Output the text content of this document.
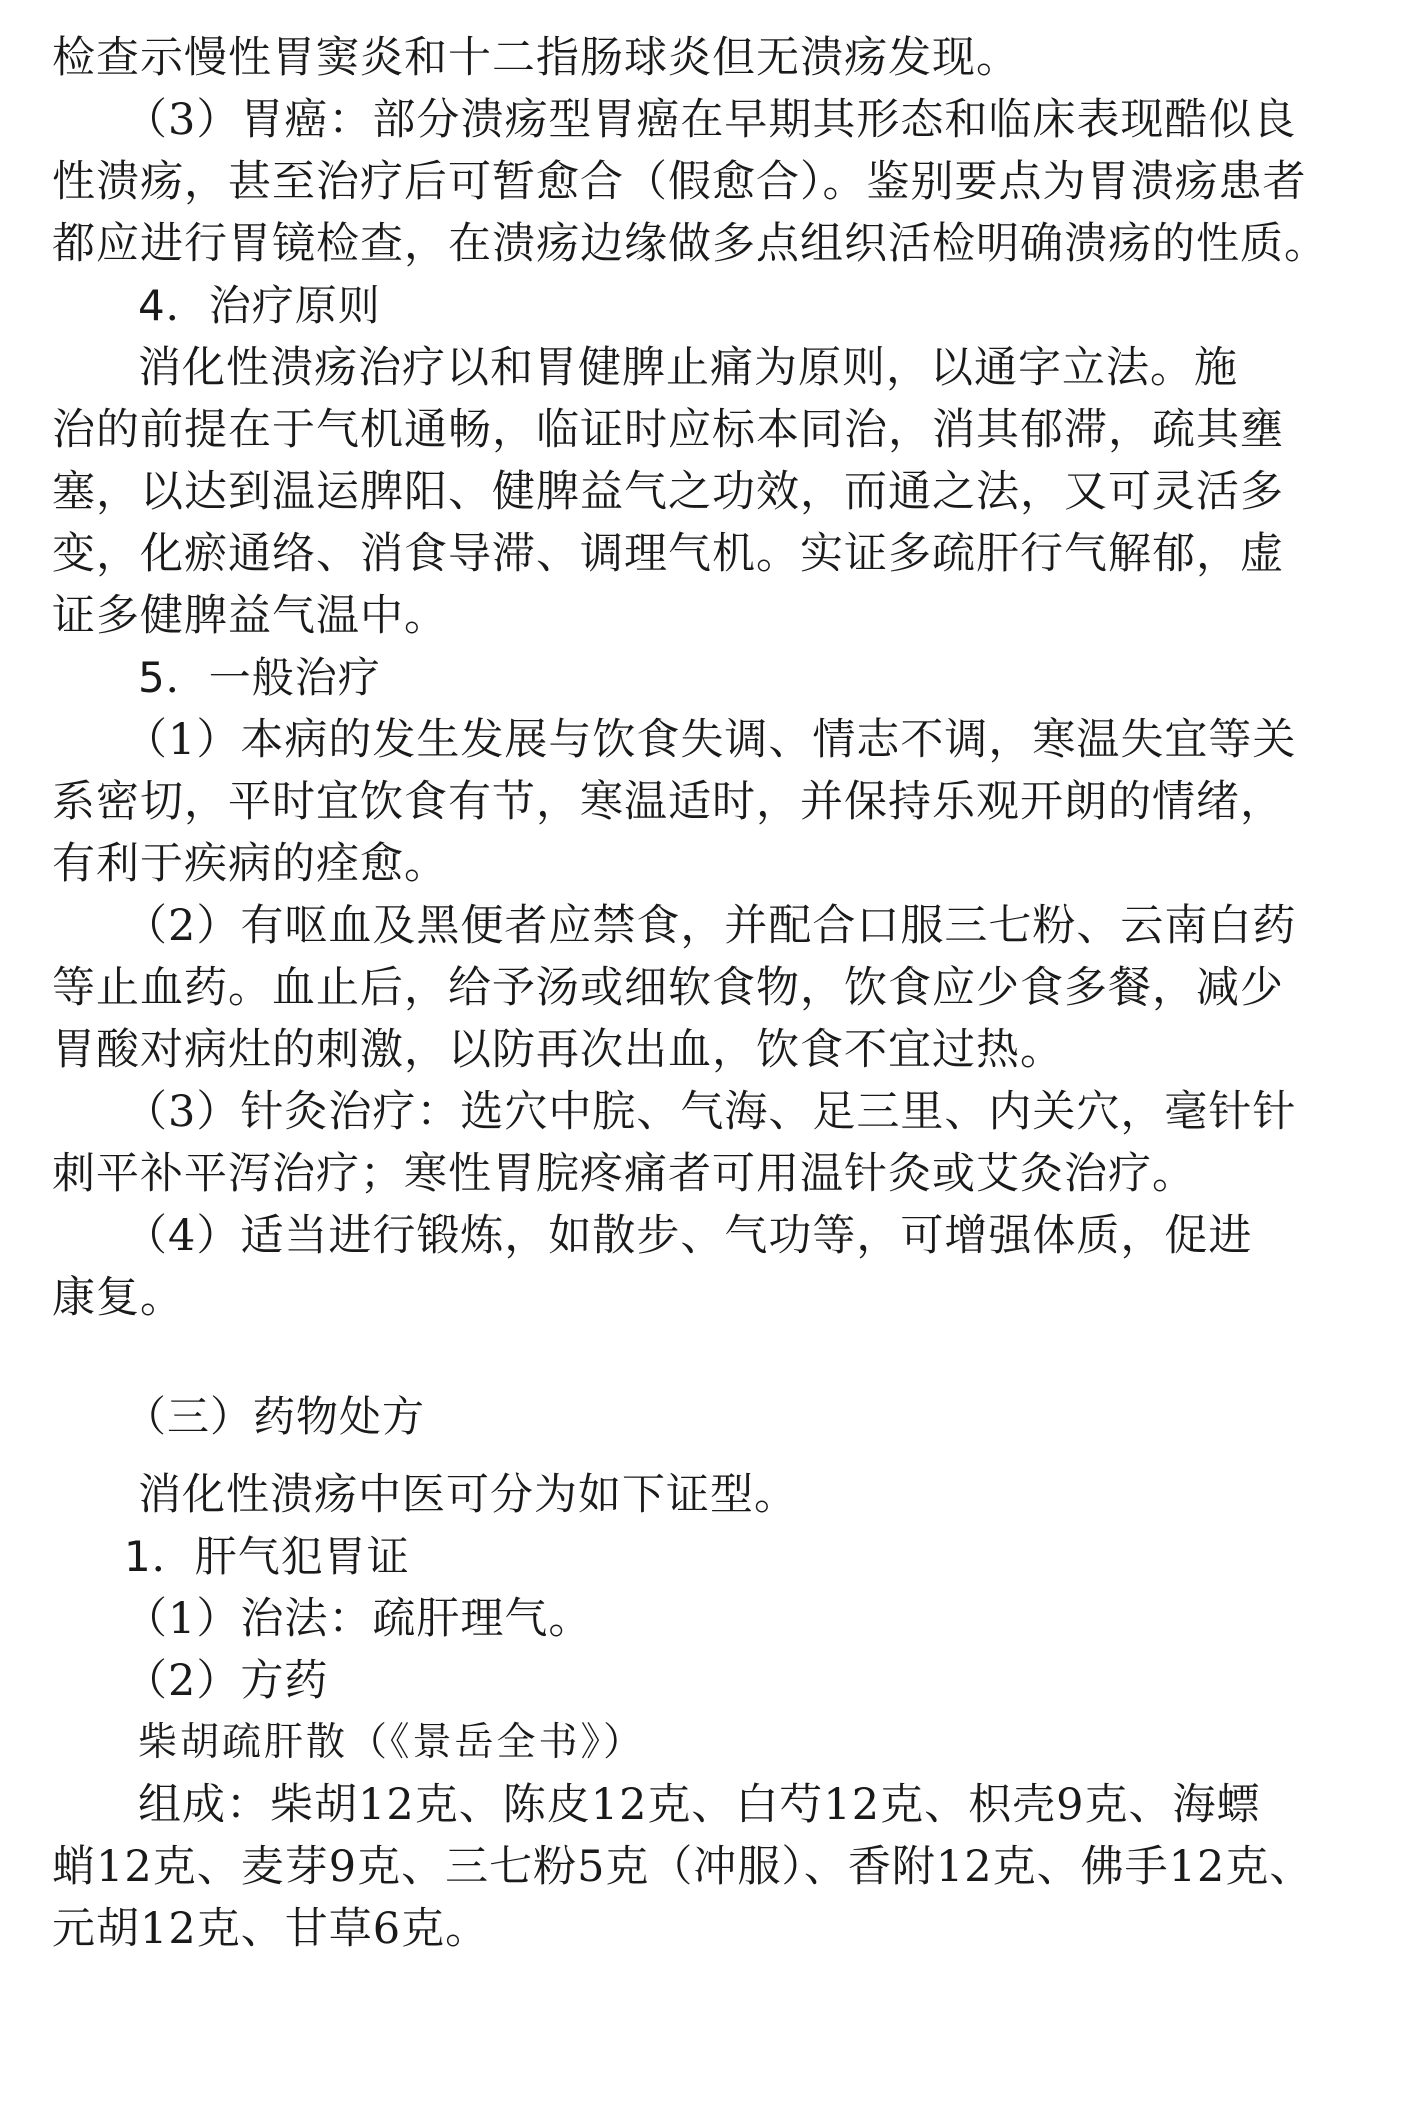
检查示慢性胃窦炎和十二指肠球炎但无溃疡发现。
（3）胃癌：部分溃疡型胃癌在早期其形态和临床表现酷似良
性溃疡，甚至治疗后可暂愈合（假愈合）。鉴别要点为胃溃疡患者
都应进行胃镜检查，在溃疡边缘做多点组织活检明确溃疡的性质。
4．治疗原则
消化性溃疡治疗以和胃健脾止痛为原则，以通字立法。施
治的前提在于气机通畅，临证时应标本同治，消其郁滞，疏其壅
塞，以达到温运脾阳、健脾益气之功效，而通之法，又可灵活多
变，化瘀通络、消食导滞、调理气机。实证多疏肝行气解郁，虚
证多健脾益气温中。
5．一般治疗
（1）本病的发生发展与饮食失调、情志不调，寒温失宜等关
系密切，平时宜饮食有节，寒温适时，并保持乐观开朗的情绪，
有利于疾病的痊愈。
（2）有呕血及黑便者应禁食，并配合口服三七粉、云南白药
等止血药。血止后，给予汤或细软食物，饮食应少食多餐，减少
胃酸对病灶的刺激，以防再次出血，饮食不宜过热。
（3）针灸治疗：选穴中脘、气海、足三里、内关穴，毫针针
刺平补平泻治疗；寒性胃脘疼痛者可用温针灸或艾灸治疗。
（4）适当进行锻炼，如散步、气功等，可增强体质，促进
康复。
（三）药物处方
消化性溃疡中医可分为如下证型。
1．肝气犯胃证
（1）治法：疏肝理气。
（2）方药
柴胡疏肝散（《景岳全书》）
组成：柴胡12克、陈皮12克、白芍12克、枳壳9克、海螵
蛸12克、麦芽9克、三七粉5克（冲服）、香附12克、佛手12克、
元胡12克、甘草6克。
